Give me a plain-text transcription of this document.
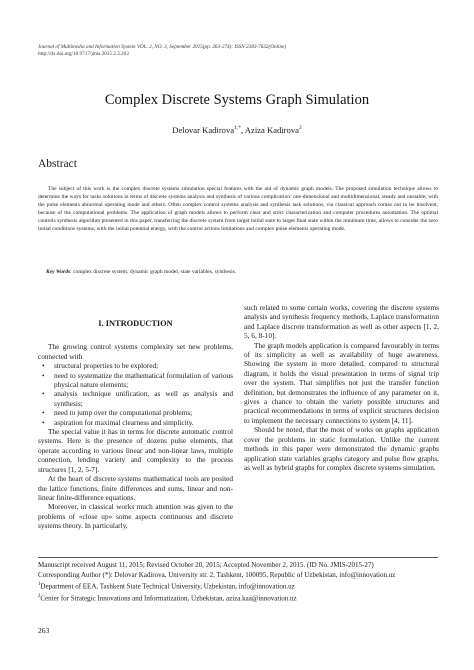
Journal of Multimedia and Information System VOL. 2, NO. 3, September 2015(pp. 263-274): ISSN 2383-7632(Online)
http://dx.doi.org/10.9717/jmis.2015.2.3.263
Complex Discrete Systems Graph Simulation
Delovar Kadirova$^{1,*}$, Aziza Kadirova$^2$
Abstract
The subject of this work is the complex discrete systems simulation special features with the aid of dynamic graph models. The proposed simulation technique allows to determine the ways for tasks solutions in terms of discrete systems analysis and synthesis of various complication: one-dimensional and multidimensional, steady and unstable; with the pulse elements abnormal operating mode and others. Often complex control systems analysis and synthesis task solutions, via classical approach comes out to be insolvent, because of the computational problems. The application of graph models allows to perform clear and strict characterization and computer procedures automation. The optimal controls synthesis algorithm presented in this paper, transferring the discrete system from target initial state to target final state within the minimum time, allows to consider the zero initial conditions systems, with the initial potential energy, with the control actions limitations and complex pulse elements operating mode.
Key Words: complex discrete system, dynamic graph model, state variables, synthesis.
I. INTRODUCTION

The growing control systems complexity set new problems, connected with

• structural properties to be explored;
• need to systematize the mathematical formulation of various physical nature elements;
• analysis technique unification, as well as analysis and synthesis;
• need to jump over the computational problems;
• aspiration for maximal clearness and simplicity.

The special value it has in terms for discrete automatic control systems. Here is the presence of dozens pulse elements, that operate according to various linear and non-linear laws, multiple connection, lending variety and complexity to the process structures [1, 2, 5-7].

At the heart of discrete systems mathematical tools are posited the lattice functions, finite differences and sums, linear and non-linear finite-difference equations.

Moreover, in classical works much attention was given to the problems of «close up» some aspects continuous and discrete systems theory. In particularly,

such related to some certain works, covering the discrete systems analysis and synthesis frequency methods, Laplace transformation and Laplace discrete transformation as well as other aspects [1, 2, 5, 6, 8-10].

The graph models application is compared favourably in terms of its simplicity as well as availability of huge awareness. Showing the system in more detailed, compared to structural diagram, it holds the visual presentation in terms of signal trip over the system. That simplifies not just the transfer function definition, but demonstrates the influence of any parameter on it, gives a chance to obtain the variety possible structures and practical recommendations in terms of explicit structures decision to implement the necessary connections to system [4, 11].

Should be noted, that the most of works on graphs application cover the problems in static formulation. Unlike the current methods in this paper were demonstrated the dynamic graphs application state variables graphs category and pulse flow graphs, as well as hybrid graphs for complex discrete systems simulation.

Manuscript received August 11, 2015; Revised October 20, 2015; Accepted November 2, 2015. (ID No. JMIS-2015-27)
Corresponding Author (*): Delovar Kadirova, University str. 2, Tashkent, 100095, Republic of Uzbekistan, info@innovation.uz
$^1$Department of EEA, Tashkent State Technical University, Uzbekistan, info@innovation.uz
$^2$Center for Strategic Innovations and Informatization, Uzbekistan, aziza.kaa@innovation.uz
263
